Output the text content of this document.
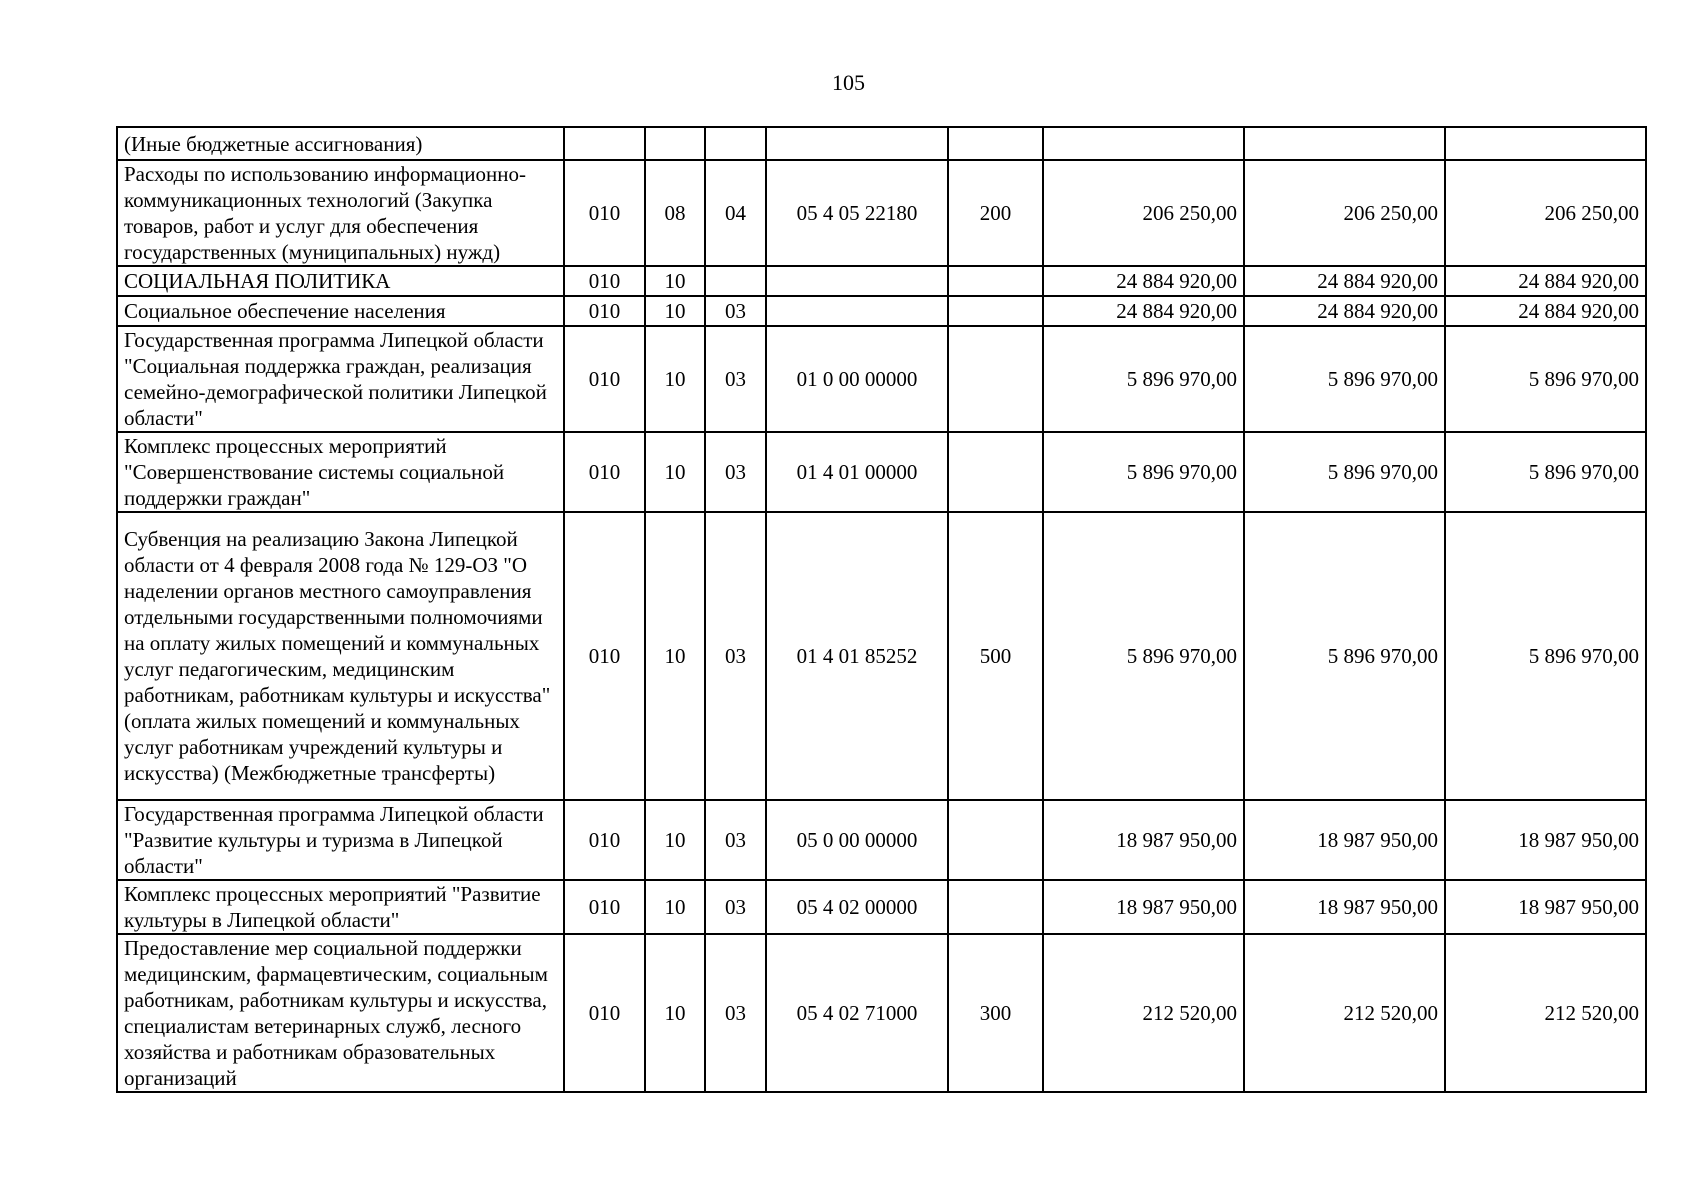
105
(Иные бюджетные ассигнования)								
Расходы по использованию информационно-коммуникационных технологий (Закупка товаров, работ и услуг для обеспечения государственных (муниципальных) нужд)	010	08	04	05 4 05 22180	200	206 250,00	206 250,00	206 250,00
СОЦИАЛЬНАЯ ПОЛИТИКА	010	10				24 884 920,00	24 884 920,00	24 884 920,00
Социальное обеспечение населения	010	10	03			24 884 920,00	24 884 920,00	24 884 920,00
Государственная программа Липецкой области "Социальная поддержка граждан, реализация семейно-демографической политики Липецкой области"	010	10	03	01 0 00 00000		5 896 970,00	5 896 970,00	5 896 970,00
Комплекс процессных мероприятий "Совершенствование системы социальной поддержки граждан"	010	10	03	01 4 01 00000		5 896 970,00	5 896 970,00	5 896 970,00
Субвенция на реализацию Закона Липецкой области от 4 февраля 2008 года № 129-ОЗ "О наделении органов местного самоуправления отдельными государственными полномочиями на оплату жилых помещений и коммунальных услуг педагогическим, медицинским работникам, работникам культуры и искусства" (оплата жилых помещений и коммунальных услуг работникам учреждений культуры и искусства) (Межбюджетные трансферты)	010	10	03	01 4 01 85252	500	5 896 970,00	5 896 970,00	5 896 970,00
Государственная программа Липецкой области "Развитие культуры и туризма в Липецкой области"	010	10	03	05 0 00 00000		18 987 950,00	18 987 950,00	18 987 950,00
Комплекс процессных мероприятий "Развитие культуры в Липецкой области"	010	10	03	05 4 02 00000		18 987 950,00	18 987 950,00	18 987 950,00
Предоставление мер социальной поддержки медицинским, фармацевтическим, социальным работникам, работникам культуры и искусства, специалистам ветеринарных служб, лесного хозяйства и работникам образовательных организаций	010	10	03	05 4 02 71000	300	212 520,00	212 520,00	212 520,00
